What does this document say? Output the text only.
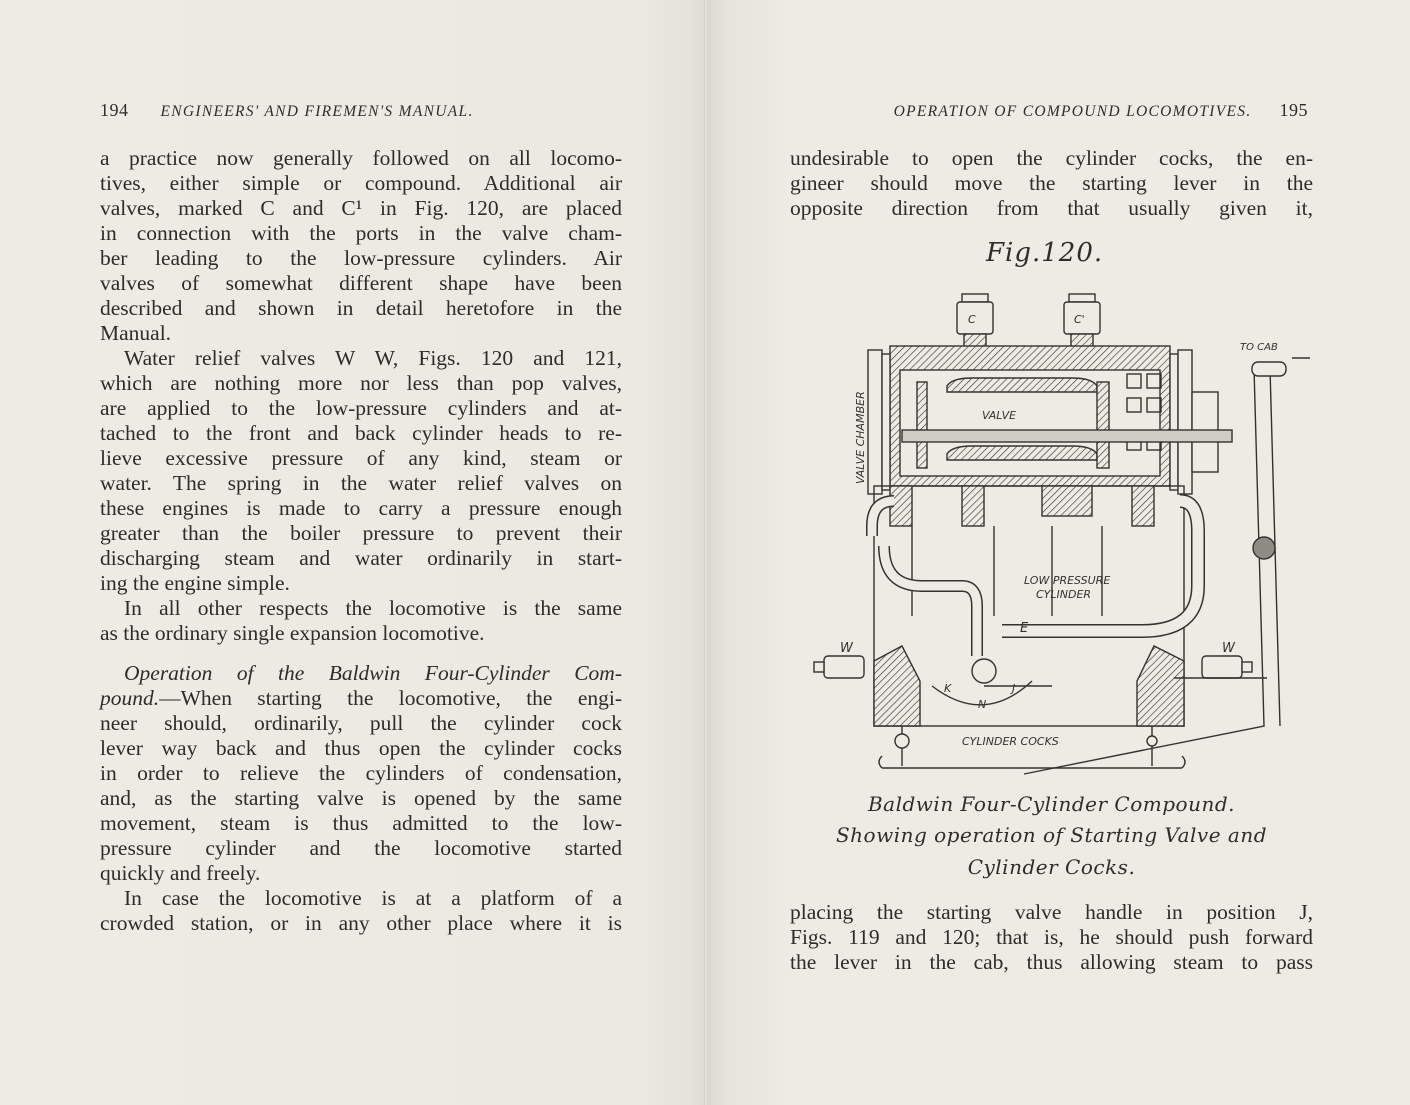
194 ENGINEERS' AND FIREMEN'S MANUAL.
a practice now generally followed on all locomo-
tives, either simple or compound. Additional air
valves, marked C and C¹ in Fig. 120, are placed
in connection with the ports in the valve cham-
ber leading to the low-pressure cylinders. Air
valves of somewhat different shape have been
described and shown in detail heretofore in the
Manual.
Water relief valves W W, Figs. 120 and 121,
which are nothing more nor less than pop valves,
are applied to the low-pressure cylinders and at-
tached to the front and back cylinder heads to re-
lieve excessive pressure of any kind, steam or
water. The spring in the water relief valves on
these engines is made to carry a pressure enough
greater than the boiler pressure to prevent their
discharging steam and water ordinarily in start-
ing the engine simple.
In all other respects the locomotive is the same
as the ordinary single expansion locomotive.
Operation of the Baldwin Four-Cylinder Com-
pound.—When starting the locomotive, the engi-
neer should, ordinarily, pull the cylinder cock
lever way back and thus open the cylinder cocks
in order to relieve the cylinders of condensation,
and, as the starting valve is opened by the same
movement, steam is thus admitted to the low-
pressure cylinder and the locomotive started
quickly and freely.
In case the locomotive is at a platform of a
crowded station, or in any other place where it is
OPERATION OF COMPOUND LOCOMOTIVES. 195
undesirable to open the cylinder cocks, the en-
gineer should move the starting lever in the
opposite direction from that usually given it,
Fig.120.
C	C'
VALVE
VALVE CHAMBER
TO CAB
LOW PRESSURE
CYLINDER
E
W	W
K	J
N
CYLINDER COCKS
Baldwin Four-Cylinder Compound.
Showing operation of Starting Valve and
Cylinder Cocks.
placing the starting valve handle in position J,
Figs. 119 and 120; that is, he should push forward
the lever in the cab, thus allowing steam to pass
